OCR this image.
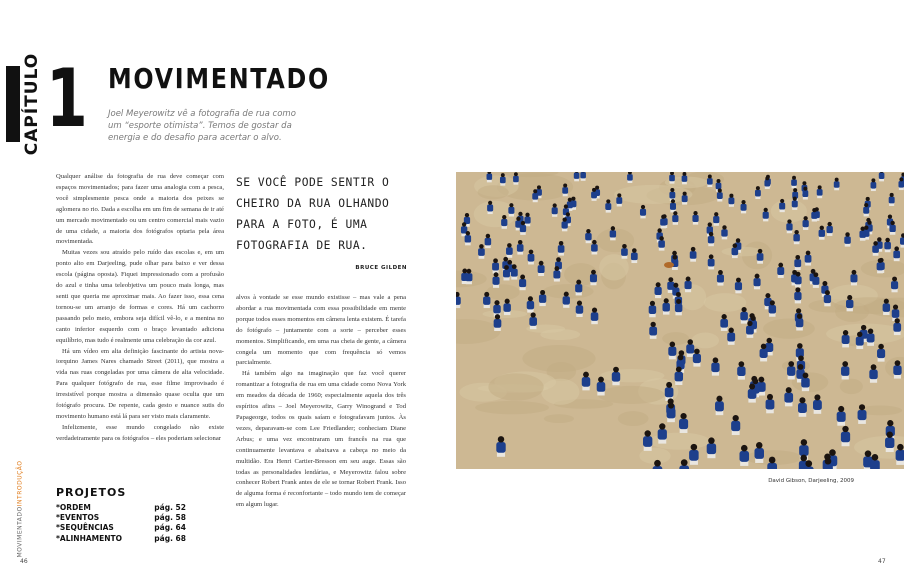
CAPÍTULO 1 MOVIMENTADO
Joel Meyerowitz vê a fotografia de rua como um “esporte otimista”. Temos de gostar da energia e do desafio para acertar o alvo.

Qualquer análise da fotografia de rua deve começar com espaços movimentados; para fazer uma analogia com a pesca, você simplesmente pesca onde a maioria dos peixes se aglomera no rio. Dada a escolha em um fim de semana de ir até um mercado movimentado ou um centro comercial mais vazio de uma cidade, a maioria dos fotógrafos optaria pela área movimentada.

Muitas vezes sou atraído pelo ruído das escolas e, em um ponto alto em Darjeeling, pude olhar para baixo e ver dessa escola (página oposta). Fiquei impressionado com a profusão do azul e tinha uma teleobjetiva um pouco mais longa, mas senti que queria me aproximar mais. Ao fazer isso, essa cena tornou-se um arranjo de formas e cores. Há um cachorro passando pelo meio, embora seja difícil vê-lo, e a menina no canto inferior esquerdo com o braço levantado adiciona equilíbrio, mas tudo é realmente uma celebração da cor azul.

Há um vídeo em alta definição fascinante do artista nova-iorquino James Nares chamado Street (2011), que mostra a vida nas ruas congeladas por uma câmera de alta velocidade. Para qualquer fotógrafo de rua, esse filme improvisado é irresistível porque mostra a dimensão quase oculta que um fotógrafo procura. De repente, cada gesto e nuance sutis do movimento humano está lá para ser visto mais claramente.

Infelizmente, esse mundo congelado não existe verdadeiramente para os fotógrafos – eles poderiam selecionar

SE VOCÊ PODE SENTIR O CHEIRO DA RUA OLHANDO PARA A FOTO, É UMA FOTOGRAFIA DE RUA.
BRUCE GILDEN

alvos à vontade se esse mundo existisse – mas vale a pena abordar a rua movimentada com essa possibilidade em mente porque todos esses momentos em câmera lenta existem. É tarefa do fotógrafo – juntamente com a sorte – perceber esses momentos. Simplificando, em uma rua cheia de gente, a câmera congela um momento que com frequência só vemos parcialmente.

Há também algo na imaginação que faz você querer romantizar a fotografia de rua em uma cidade como Nova York em meados da década de 1960; especialmente aquela dos três espíritos afins – Joel Meyerowitz, Garry Winogrand e Tod Papageorge, todos os quais saíam e fotografavam juntos. Às vezes, deparavam-se com Lee Friedlander; conheciam Diane Arbus; e uma vez encontraram um francês na rua que continuamente levantava e abaixava a cabeça no meio da multidão. Era Henri Cartier-Bresson em seu auge. Essas são todas as personalidades lendárias, e Meyerowitz falou sobre conhecer Robert Frank antes de ele se tornar Robert Frank. Isso de alguma forma é reconfortante – todo mundo tem de começar em algum lugar.

PROJETOS
*ORDEM	pág. 52
*EVENTOS	pág. 58
*SEQUÊNCIAS	pág. 64
*ALINHAMENTO	pág. 68
MOVIMENTADOINTRODUÇÃO
46	47
David Gibson, Darjeeling, 2009
